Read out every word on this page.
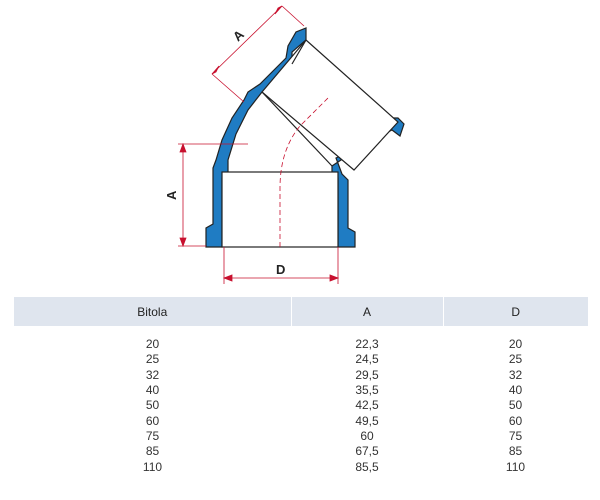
A
A
D
Bitola	A	D

20	22,3	20
25	24,5	25
32	29,5	32
40	35,5	40
50	42,5	50
60	49,5	60
75	60	75
85	67,5	85
110	85,5	110
